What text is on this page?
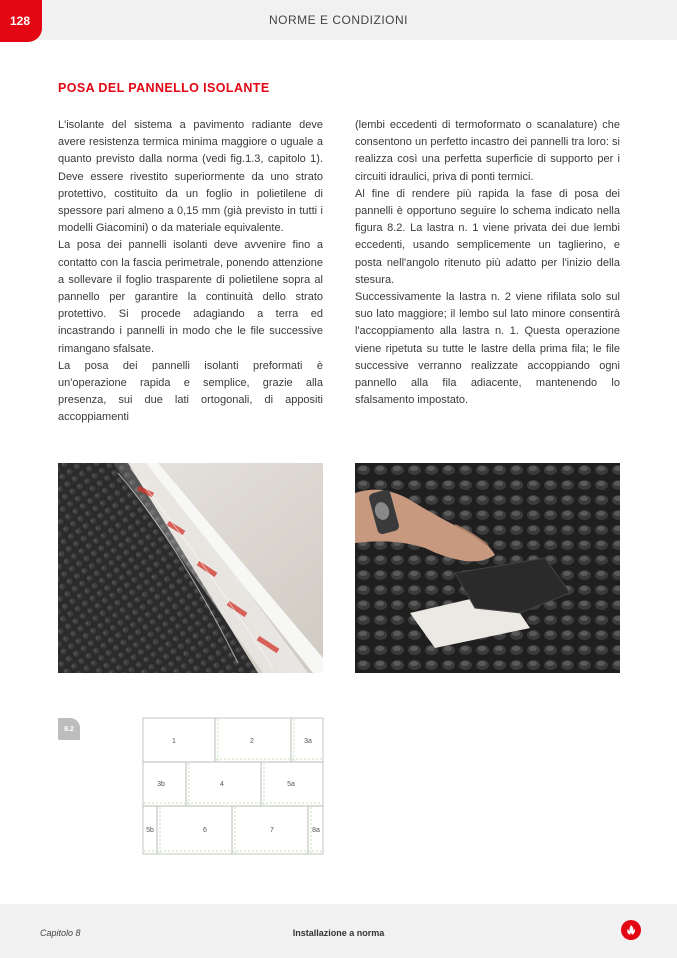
128	NORME E CONDIZIONI
POSA DEL PANNELLO ISOLANTE

L'isolante del sistema a pavimento radiante deve avere resistenza termica minima maggiore o uguale a quanto previsto dalla norma (vedi fig.1.3, capitolo 1). Deve essere rivestito superiormente da uno strato protettivo, costituito da un foglio in polietilene di spessore pari almeno a 0,15 mm (già previsto in tutti i modelli Giacomini) o da materiale equivalente.

La posa dei pannelli isolanti deve avvenire fino a contatto con la fascia perimetrale, ponendo attenzione a sollevare il foglio trasparente di polietilene sopra al pannello per garantire la continuità dello strato protettivo. Si procede adagiando a terra ed incastrando i pannelli in modo che le file successive rimangano sfalsate.

La posa dei pannelli isolanti preformati è un'operazione rapida e semplice, grazie alla presenza, sui due lati ortogonali, di appositi accoppiamenti

(lembi eccedenti di termoformato o scanalature) che consentono un perfetto incastro dei pannelli tra loro: si realizza così una perfetta superficie di supporto per i circuiti idraulici, priva di ponti termici.

Al fine di rendere più rapida la fase di posa dei pannelli è opportuno seguire lo schema indicato nella figura 8.2. La lastra n. 1 viene privata dei due lembi eccedenti, usando semplicemente un taglierino, e posta nell'angolo ritenuto più adatto per l'inizio della stesura.

Successivamente la lastra n. 2 viene rifilata solo sul suo lato maggiore; il lembo sul lato minore consentirà l'accoppiamento alla lastra n. 1. Questa operazione viene ripetuta su tutte le lastre della prima fila; le file successive verranno realizzate accoppiando ogni pannello alla fila adiacente, mantenendo lo sfalsamento impostato.

8.2
1	2	3a
3b	4	5a
5b	6	7	8a
Capitolo 8	Installazione a norma
